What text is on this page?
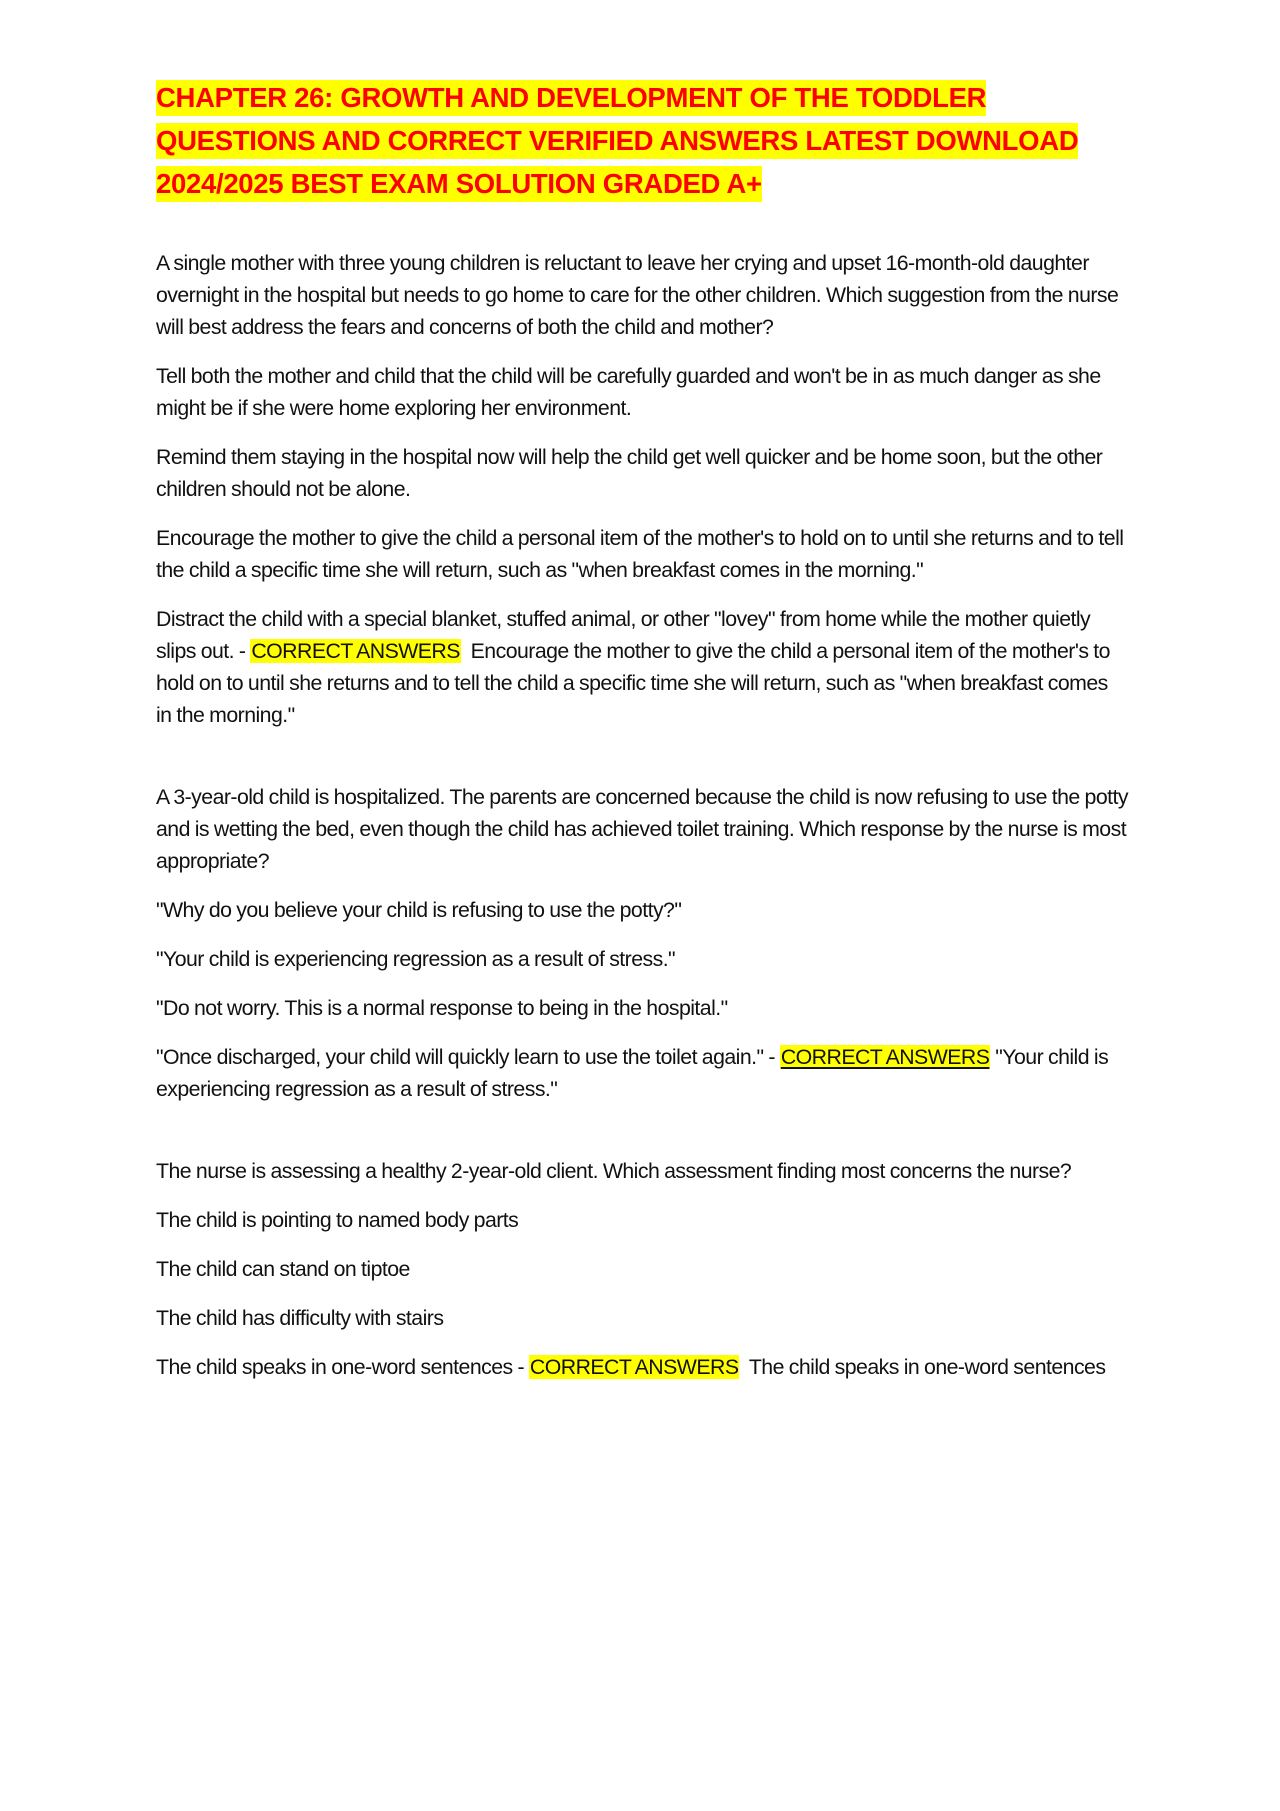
CHAPTER 26: GROWTH AND DEVELOPMENT OF THE TODDLER QUESTIONS AND CORRECT VERIFIED ANSWERS LATEST DOWNLOAD 2024/2025 BEST EXAM SOLUTION GRADED A+

A single mother with three young children is reluctant to leave her crying and upset 16-month-old daughter overnight in the hospital but needs to go home to care for the other children. Which suggestion from the nurse will best address the fears and concerns of both the child and mother?

Tell both the mother and child that the child will be carefully guarded and won't be in as much danger as she might be if she were home exploring her environment.

Remind them staying in the hospital now will help the child get well quicker and be home soon, but the other children should not be alone.

Encourage the mother to give the child a personal item of the mother's to hold on to until she returns and to tell the child a specific time she will return, such as "when breakfast comes in the morning."

Distract the child with a special blanket, stuffed animal, or other "lovey" from home while the mother quietly slips out. - CORRECT ANSWERS  Encourage the mother to give the child a personal item of the mother's to hold on to until she returns and to tell the child a specific time she will return, such as "when breakfast comes in the morning."

A 3-year-old child is hospitalized. The parents are concerned because the child is now refusing to use the potty and is wetting the bed, even though the child has achieved toilet training. Which response by the nurse is most appropriate?

"Why do you believe your child is refusing to use the potty?"

"Your child is experiencing regression as a result of stress."

"Do not worry. This is a normal response to being in the hospital."

"Once discharged, your child will quickly learn to use the toilet again." - CORRECT ANSWERS "Your child is experiencing regression as a result of stress."

The nurse is assessing a healthy 2-year-old client. Which assessment finding most concerns the nurse?

The child is pointing to named body parts

The child can stand on tiptoe

The child has difficulty with stairs

The child speaks in one-word sentences - CORRECT ANSWERS  The child speaks in one-word sentences
